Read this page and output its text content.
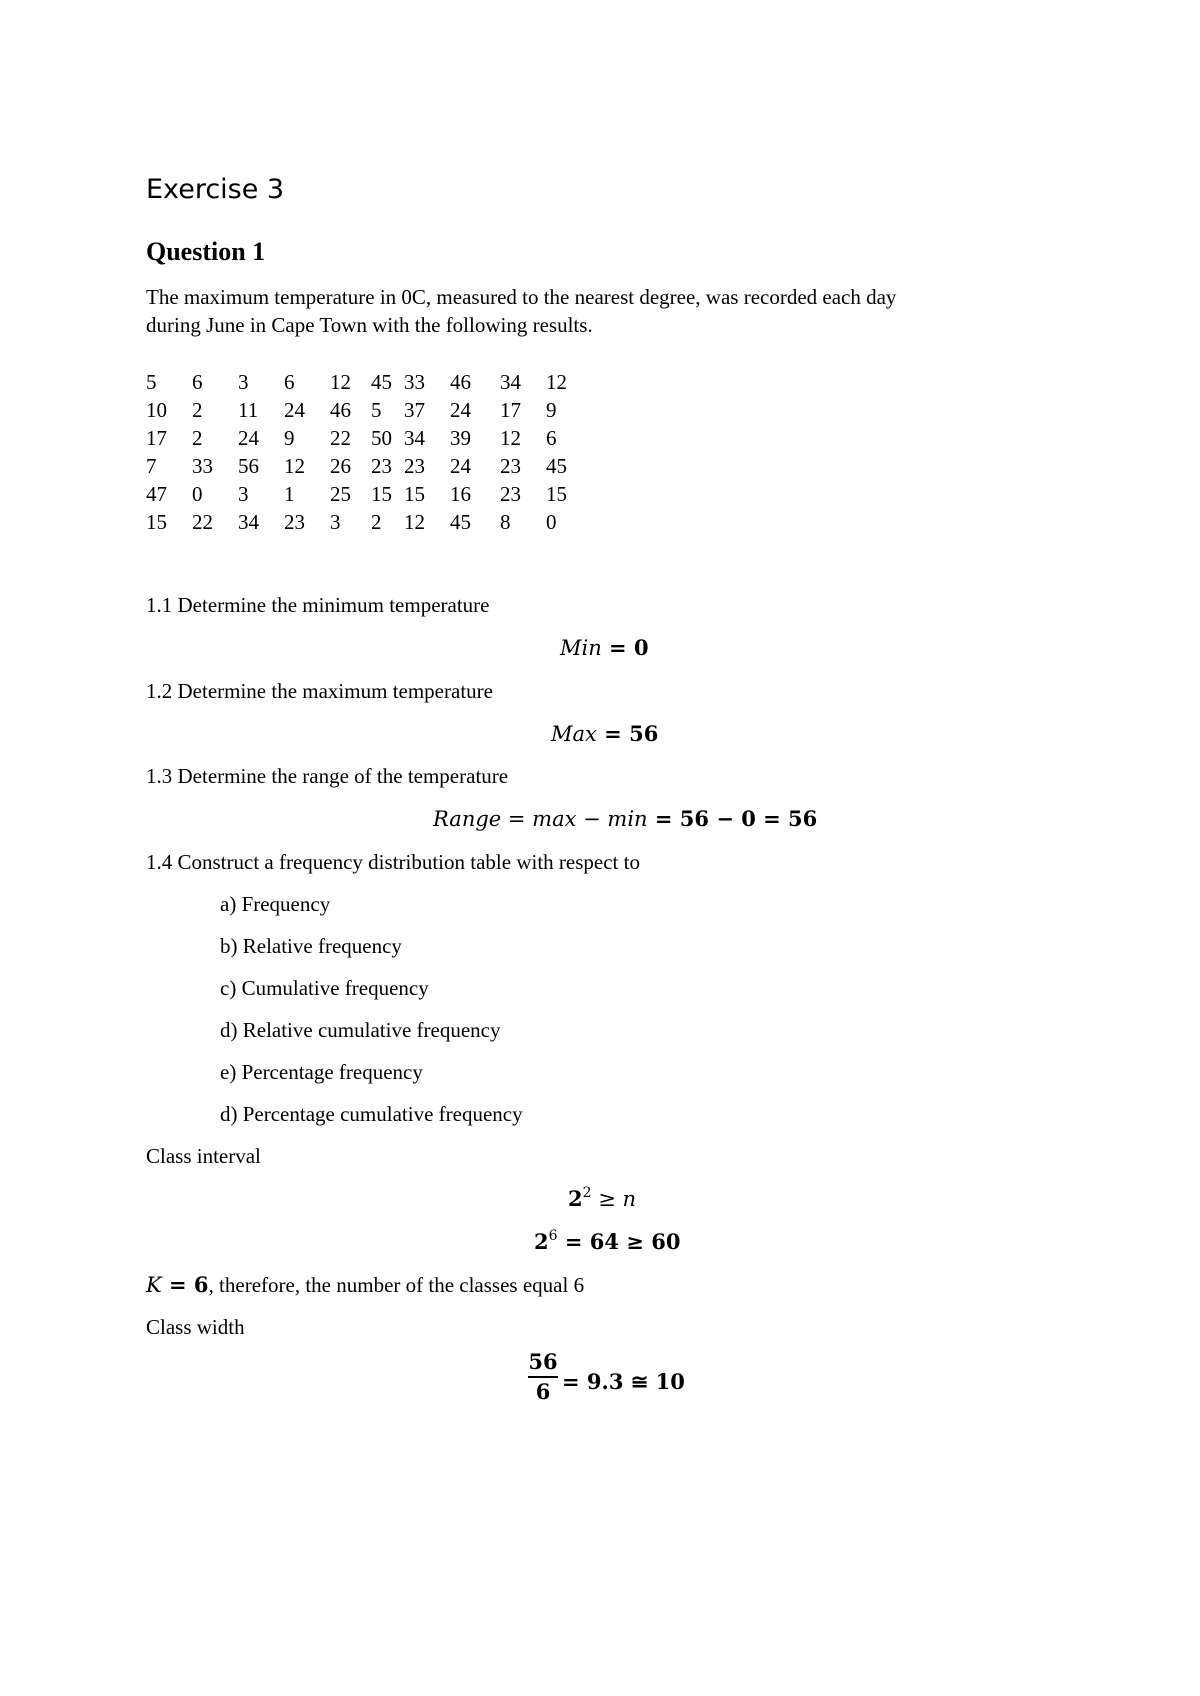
Exercise 3
Question 1
The maximum temperature in 0C, measured to the nearest degree, was recorded each day
during June in Cape Town with the following results.
5	6	3	6	12	45	33	46	34	12
10	2	11	24	46	5	37	24	17	9
17	2	24	9	22	50	34	39	12	6
7	33	56	12	26	23	23	24	23	45
47	0	3	1	25	15	15	16	23	15
15	22	34	23	3	2	12	45	8	0
1.1 Determine the minimum temperature
Min = 0
1.2 Determine the maximum temperature
Max = 56
1.3 Determine the range of the temperature
Range = max − min = 56 − 0 = 56
1.4 Construct a frequency distribution table with respect to
a) Frequency
b) Relative frequency
c) Cumulative frequency
d) Relative cumulative frequency
e) Percentage frequency
d) Percentage cumulative frequency
Class interval
$2^2 \ge n$
$2^6 = 64 \ge 60$
K = 6, therefore, the number of the classes equal 6
Class width
56
6 = 9.3 ≅ 10
